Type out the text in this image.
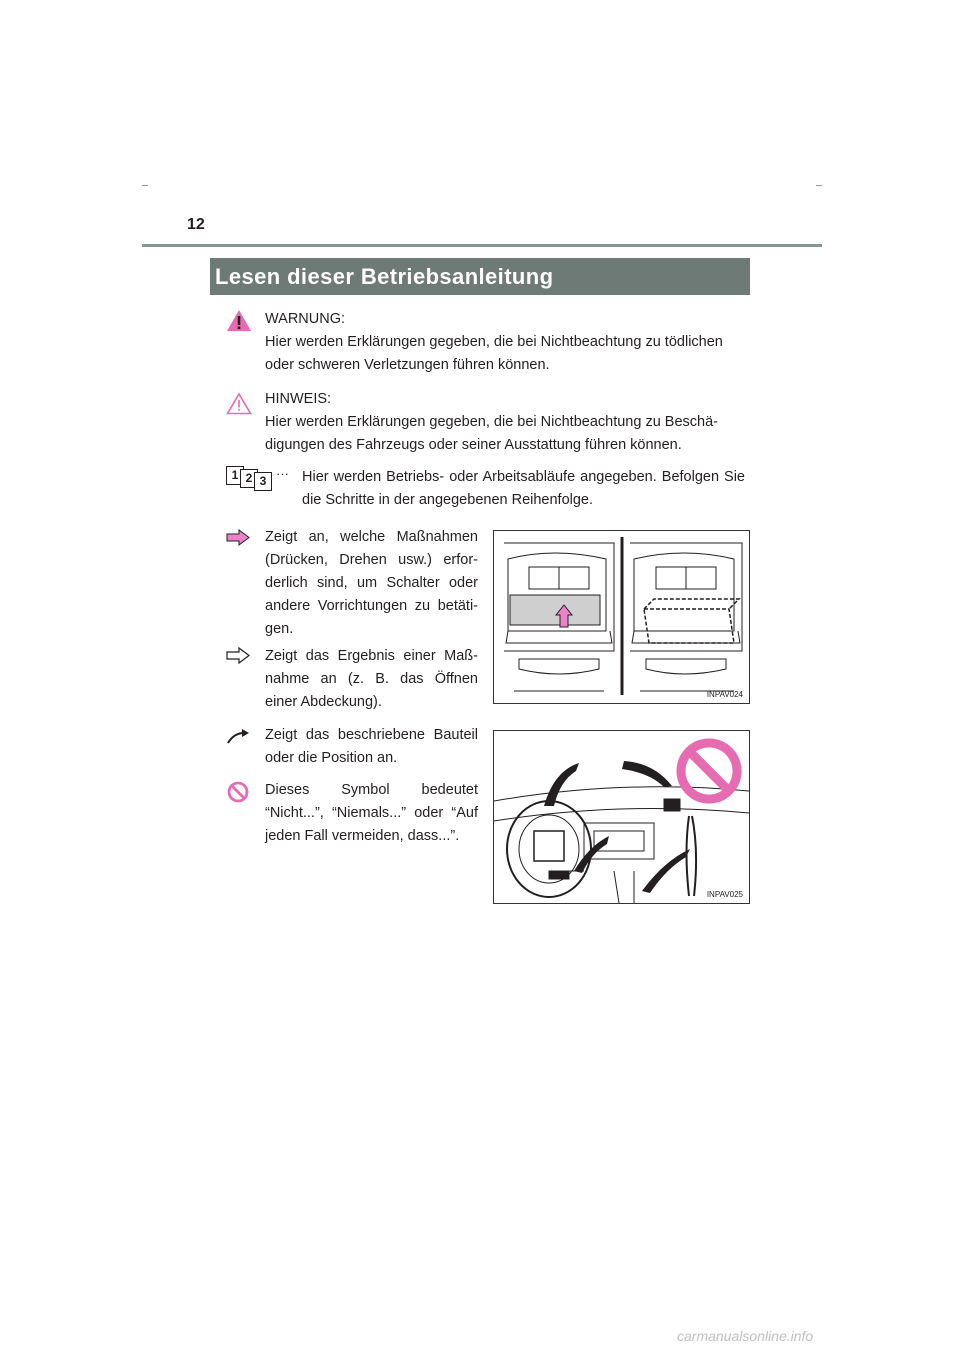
12
Lesen dieser Betriebsanleitung
WARNUNG:
Hier werden Erklärungen gegeben, die bei Nichtbeachtung zu tödlichen oder schweren Verletzungen führen können.
HINWEIS:
Hier werden Erklärungen gegeben, die bei Nichtbeachtung zu Beschä-digungen des Fahrzeugs oder seiner Ausstattung führen können.
1 2 3 ··· Hier werden Betriebs- oder Arbeitsabläufe angegeben. Befolgen Sie die Schritte in der angegebenen Reihenfolge.
Zeigt an, welche Maßnahmen (Drücken, Drehen usw.) erfor-derlich sind, um Schalter oder andere Vorrichtungen zu betäti-gen.
Zeigt das Ergebnis einer Maß-nahme an (z. B. das Öffnen einer Abdeckung).
Zeigt das beschriebene Bauteil oder die Position an.
Dieses Symbol bedeutet “Nicht...”, “Niemals...” oder “Auf jeden Fall vermeiden, dass...”.
INPAV024
INPAV025
carmanualsonline.info
